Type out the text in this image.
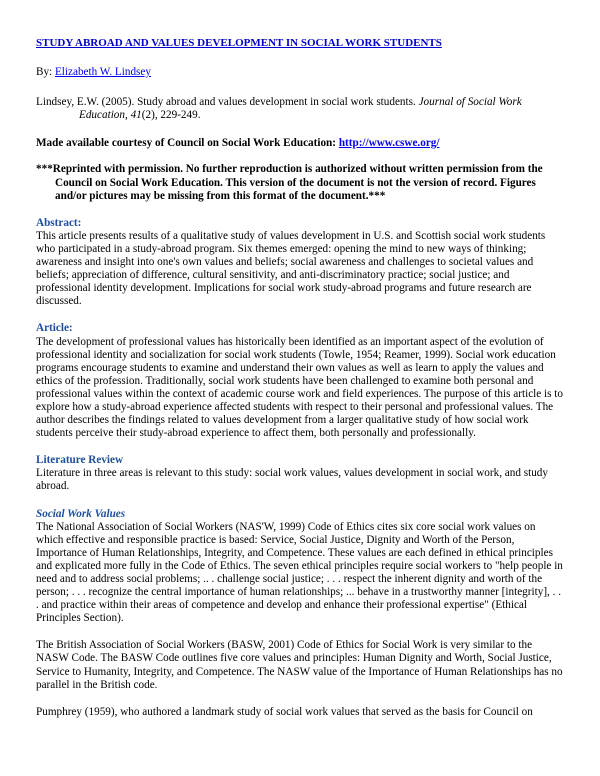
STUDY ABROAD AND VALUES DEVELOPMENT IN SOCIAL WORK STUDENTS

By: Elizabeth W. Lindsey

Lindsey, E.W. (2005). Study abroad and values development in social work students. Journal of Social Work Education, 41(2), 229-249.

Made available courtesy of Council on Social Work Education: http://www.cswe.org/

***Reprinted with permission. No further reproduction is authorized without written permission from the Council on Social Work Education. This version of the document is not the version of record. Figures and/or pictures may be missing from this format of the document.***

Abstract:

This article presents results of a qualitative study of values development in U.S. and Scottish social work students who participated in a study-abroad program. Six themes emerged: opening the mind to new ways of thinking; awareness and insight into one's own values and beliefs; social awareness and challenges to societal values and beliefs; appreciation of difference, cultural sensitivity, and anti-discriminatory practice; social justice; and professional identity development. Implications for social work study-abroad programs and future research are discussed.

Article:

The development of professional values has historically been identified as an important aspect of the evolution of professional identity and socialization for social work students (Towle, 1954; Reamer, 1999). Social work education programs encourage students to examine and understand their own values as well as learn to apply the values and ethics of the profession. Traditionally, social work students have been challenged to examine both personal and professional values within the context of academic course work and field experiences. The purpose of this article is to explore how a study-abroad experience affected students with respect to their personal and professional values. The author describes the findings related to values development from a larger qualitative study of how social work students perceive their study-abroad experience to affect them, both personally and professionally.

Literature Review

Literature in three areas is relevant to this study: social work values, values development in social work, and study abroad.

Social Work Values

The National Association of Social Workers (NAS'W, 1999) Code of Ethics cites six core social work values on which effective and responsible practice is based: Service, Social Justice, Dignity and Worth of the Person, Importance of Human Relationships, Integrity, and Competence. These values are each defined in ethical principles and explicated more fully in the Code of Ethics. The seven ethical principles require social workers to "help people in need and to address social problems; .. . challenge social justice; . . . respect the inherent dignity and worth of the person; . . . recognize the central importance of human relationships; ... behave in a trustworthy manner [integrity], . . . and practice within their areas of competence and develop and enhance their professional expertise" (Ethical Principles Section).

The British Association of Social Workers (BASW, 2001) Code of Ethics for Social Work is very similar to the NASW Code. The BASW Code outlines five core values and principles: Human Dignity and Worth, Social Justice, Service to Humanity, Integrity, and Competence. The NASW value of the Importance of Human Relationships has no parallel in the British code.

Pumphrey (1959), who authored a landmark study of social work values that served as the basis for Council on
